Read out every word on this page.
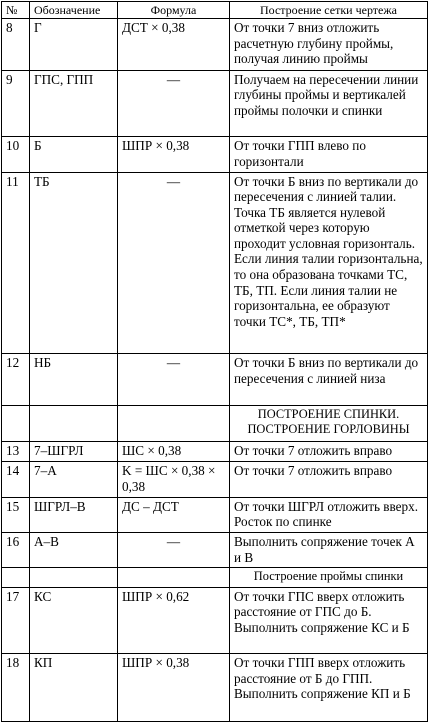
№	Обозначение	Формула	Построение сетки чертежа
8	Г	ДСТ × 0,38	От точки 7 вниз отложить расчетную глубину проймы, получая линию проймы
9	ГПС, ГПП	—	Получаем на пересечении линии глубины проймы и вертикалей проймы полочки и спинки
10	Б	ШПР × 0,38	От точки ГПП влево по горизонтали
11	ТБ	—	От точки Б вниз по вертикали до пересечения с линией талии. Точка ТБ является нулевой отметкой через которую проходит условная горизонталь. Если линия талии горизонтальна, то она образована точками ТС, ТБ, ТП. Если линия талии не горизонтальна, ее образуют точки ТС*, ТБ, ТП*
12	НБ	—	От точки Б вниз по вертикали до пересечения с линией низа
			ПОСТРОЕНИЕ СПИНКИ. ПОСТРОЕНИЕ ГОРЛОВИНЫ
13	7–ШГРЛ	ШС × 0,38	От точки 7 отложить вправо
14	7–А	K = ШС × 0,38 × 0,38	От точки 7 отложить вправо
15	ШГРЛ–В	ДС – ДСТ	От точки ШГРЛ отложить вверх. Росток по спинке
16	А–В	—	Выполнить сопряжение точек А и В
			Построение проймы спинки
17	КС	ШПР × 0,62	От точки ГПС вверх отложить расстояние от ГПС до Б. Выполнить сопряжение КС и Б
18	КП	ШПР × 0,38	От точки ГПП вверх отложить расстояние от Б до ГПП. Выполнить сопряжение КП и Б
